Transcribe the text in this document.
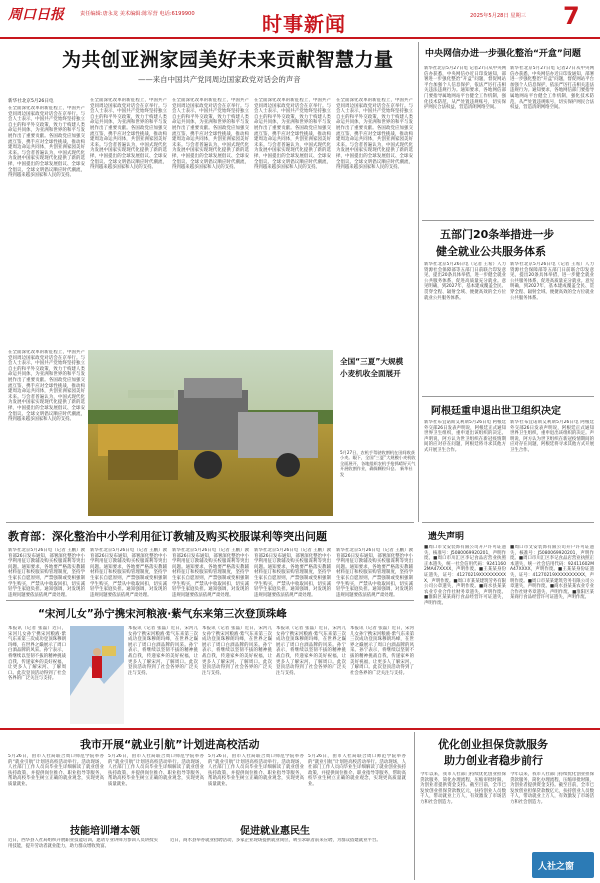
周口日报	责任编辑:唐永龙 美术编辑:陈军营 电话:6199900	时事新闻	2025年5月28日 星期三 7
为共创亚洲家园美好未来贡献智慧力量
——来自中国共产党同周边国家政党对话会的声音
新华社北京5月26日电
在全面深化改革的新征程上，中国共产党同周边国家政党对话会在京举行。与会人士表示，中国共产党始终坚持独立自主的和平外交政策，致力于构建人类命运共同体，为亚洲和世界的和平与发展作出了重要贡献。各国政党应加强交流互鉴，携手应对全球性挑战，推动构建周边命运共同体，共创亚洲家园美好未来。与会者普遍认为，中国式现代化为发展中国家实现现代化提供了新的选择，中国提出的全球发展倡议、全球安全倡议、全球文明倡议顺应时代潮流，得到越来越多国家和人民的支持。
在全面深化改革的新征程上，中国共产党同周边国家政党对话会在京举行。与会人士表示，中国共产党始终坚持独立自主的和平外交政策，致力于构建人类命运共同体，为亚洲和世界的和平与发展作出了重要贡献。各国政党应加强交流互鉴，携手应对全球性挑战，推动构建周边命运共同体，共创亚洲家园美好未来。与会者普遍认为，中国式现代化为发展中国家实现现代化提供了新的选择，中国提出的全球发展倡议、全球安全倡议、全球文明倡议顺应时代潮流，得到越来越多国家和人民的支持。
在全面深化改革的新征程上，中国共产党同周边国家政党对话会在京举行。与会人士表示，中国共产党始终坚持独立自主的和平外交政策，致力于构建人类命运共同体，为亚洲和世界的和平与发展作出了重要贡献。各国政党应加强交流互鉴，携手应对全球性挑战，推动构建周边命运共同体，共创亚洲家园美好未来。与会者普遍认为，中国式现代化为发展中国家实现现代化提供了新的选择，中国提出的全球发展倡议、全球安全倡议、全球文明倡议顺应时代潮流，得到越来越多国家和人民的支持。
在全面深化改革的新征程上，中国共产党同周边国家政党对话会在京举行。与会人士表示，中国共产党始终坚持独立自主的和平外交政策，致力于构建人类命运共同体，为亚洲和世界的和平与发展作出了重要贡献。各国政党应加强交流互鉴，携手应对全球性挑战，推动构建周边命运共同体，共创亚洲家园美好未来。与会者普遍认为，中国式现代化为发展中国家实现现代化提供了新的选择，中国提出的全球发展倡议、全球安全倡议、全球文明倡议顺应时代潮流，得到越来越多国家和人民的支持。
在全面深化改革的新征程上，中国共产党同周边国家政党对话会在京举行。与会人士表示，中国共产党始终坚持独立自主的和平外交政策，致力于构建人类命运共同体，为亚洲和世界的和平与发展作出了重要贡献。各国政党应加强交流互鉴，携手应对全球性挑战，推动构建周边命运共同体，共创亚洲家园美好未来。与会者普遍认为，中国式现代化为发展中国家实现现代化提供了新的选择，中国提出的全球发展倡议、全球安全倡议、全球文明倡议顺应时代潮流，得到越来越多国家和人民的支持。
中央网信办进一步强化整治“开盒”问题
新华社北京5月27日电 记者27日从中央网信办获悉，中央网信办近日印发通知，部署进一步强化整治“开盒”问题，督促网站平台加强个人信息保护，依法严厉打击相关违法违规行为。通知要求，各地网信部门要指导属地网站平台健全工作机制，强化技术防范，从严处置违规账号，切实保护网民合法权益，营造清朗网络空间。
新华社北京5月27日电 记者27日从中央网信办获悉，中央网信办近日印发通知，部署进一步强化整治“开盒”问题，督促网站平台加强个人信息保护，依法严厉打击相关违法违规行为。通知要求，各地网信部门要指导属地网站平台健全工作机制，强化技术防范，从严处置违规账号，切实保护网民合法权益，营造清朗网络空间。
全国“三夏”大规模
小麦机收全面展开
5月27日，农机手驾驶收割机在田间收获小麦。眼下，全国“三夏”大规模小麦机收全面展开，各地组织农机手抢抓晴好天气开展收割作业，确保颗粒归仓。 新华社发
在全面深化改革的新征程上，中国共产党同周边国家政党对话会在京举行。与会人士表示，中国共产党始终坚持独立自主的和平外交政策，致力于构建人类命运共同体，为亚洲和世界的和平与发展作出了重要贡献。各国政党应加强交流互鉴，携手应对全球性挑战，推动构建周边命运共同体，共创亚洲家园美好未来。与会者普遍认为，中国式现代化为发展中国家实现现代化提供了新的选择，中国提出的全球发展倡议、全球安全倡议、全球文明倡议顺应时代潮流，得到越来越多国家和人民的支持。
五部门20条举措进一步
健全就业公共服务体系
新华社北京5月26日电（记者 王希）人力资源社会保障部等五部门日前联合印发意见，提出20条具体举措，进一步健全就业公共服务体系，促进高质量充分就业。意见明确，到2027年，基本建成覆盖全民、贯穿全程、辐射全域、便捷高效的全方位就业公共服务体系。
新华社北京5月26日电（记者 王希）人力资源社会保障部等五部门日前联合印发意见，提出20条具体举措，进一步健全就业公共服务体系，促进高质量充分就业。意见明确，到2027年，基本建成覆盖全民、贯穿全程、辐射全域、便捷高效的全方位就业公共服务体系。
阿根廷重申退出世卫组织决定
新华社布宜诺斯艾利斯5月26日电 阿根廷外交部26日发表声明说，阿根廷正式通知世界卫生组织，重申退出该组织的决定。声明说，阿方认为世卫组织在新冠疫情期间的应对存在问题，阿根廷将寻求其他方式开展卫生合作。
新华社布宜诺斯艾利斯5月26日电 阿根廷外交部26日发表声明说，阿根廷正式通知世界卫生组织，重申退出该组织的决定。声明说，阿方认为世卫组织在新冠疫情期间的应对存在问题，阿根廷将寻求其他方式开展卫生合作。
教育部：深化整治中小学利用征订教辅及购买校服谋利等突出问题
新华社北京5月26日电（记者 王鹏）教育部26日发布通知，部署深化整治中小学利用征订教辅及购买校服谋利等突出问题。通知要求，各地要严格落实教辅材料征订和校服采购管理制度，坚持学生家长自愿原则，严禁强制或变相强制学生购买，严禁从中收取回扣，切实减轻学生家庭负担。通知强调，对发现的违规问题要依法依规严肃处理。
新华社北京5月26日电（记者 王鹏）教育部26日发布通知，部署深化整治中小学利用征订教辅及购买校服谋利等突出问题。通知要求，各地要严格落实教辅材料征订和校服采购管理制度，坚持学生家长自愿原则，严禁强制或变相强制学生购买，严禁从中收取回扣，切实减轻学生家庭负担。通知强调，对发现的违规问题要依法依规严肃处理。
新华社北京5月26日电（记者 王鹏）教育部26日发布通知，部署深化整治中小学利用征订教辅及购买校服谋利等突出问题。通知要求，各地要严格落实教辅材料征订和校服采购管理制度，坚持学生家长自愿原则，严禁强制或变相强制学生购买，严禁从中收取回扣，切实减轻学生家庭负担。通知强调，对发现的违规问题要依法依规严肃处理。
新华社北京5月26日电（记者 王鹏）教育部26日发布通知，部署深化整治中小学利用征订教辅及购买校服谋利等突出问题。通知要求，各地要严格落实教辅材料征订和校服采购管理制度，坚持学生家长自愿原则，严禁强制或变相强制学生购买，严禁从中收取回扣，切实减轻学生家庭负担。通知强调，对发现的违规问题要依法依规严肃处理。
新华社北京5月26日电（记者 王鹏）教育部26日发布通知，部署深化整治中小学利用征订教辅及购买校服谋利等突出问题。通知要求，各地要严格落实教辅材料征订和校服采购管理制度，坚持学生家长自愿原则，严禁强制或变相强制学生购买，严禁从中收取回扣，切实减轻学生家庭负担。通知强调，对发现的违规问题要依法依规严肃处理。
遗失声明
■周口市文安装饰有限公司开户许可证遗失，核准号：J5080069920201，声明作废。■周口市川汇区李记食品店营业执照正本遗失，统一社会信用代码：92411602MA47XXXX，声明作废。■王某某身份证遗失，证号：41270219XXXXXXXXXX，声明作废。■周口市某某建筑劳务有限公司公章遗失，声明作废。■商水县某某农业专业合作社财务章遗失，声明作废。■淮阳区某某商行食品经营许可证遗失，声明作废。
■周口市文安装饰有限公司开户许可证遗失，核准号：J5080069920201，声明作废。■周口市川汇区李记食品店营业执照正本遗失，统一社会信用代码：92411602MA47XXXX，声明作废。■王某某身份证遗失，证号：41270219XXXXXXXXXX，声明作废。■周口市某某建筑劳务有限公司公章遗失，声明作废。■商水县某某农业专业合作社财务章遗失，声明作废。■淮阳区某某商行食品经营许可证遗失，声明作废。
“宋河儿女”孙宁携宋河粮液·紫气东来第三次登顶珠峰
本报讯（记者 张磊）近日，宋河儿女孙宁携宋河粮液·紫气东来第三次成功登顶珠穆朗玛峰，在世界之巅展示了周口白酒品牌的风采。孙宁表示，将继续以坚韧不拔的精神挑战自我，传递家乡的美好祝福，让更多人了解宋河、了解周口。此次登顶活动得到了社会各界的广泛关注与支持。
本报讯（记者 张磊）近日，宋河儿女孙宁携宋河粮液·紫气东来第三次成功登顶珠穆朗玛峰，在世界之巅展示了周口白酒品牌的风采。孙宁表示，将继续以坚韧不拔的精神挑战自我，传递家乡的美好祝福，让更多人了解宋河、了解周口。此次登顶活动得到了社会各界的广泛关注与支持。
本报讯（记者 张磊）近日，宋河儿女孙宁携宋河粮液·紫气东来第三次成功登顶珠穆朗玛峰，在世界之巅展示了周口白酒品牌的风采。孙宁表示，将继续以坚韧不拔的精神挑战自我，传递家乡的美好祝福，让更多人了解宋河、了解周口。此次登顶活动得到了社会各界的广泛关注与支持。
本报讯（记者 张磊）近日，宋河儿女孙宁携宋河粮液·紫气东来第三次成功登顶珠穆朗玛峰，在世界之巅展示了周口白酒品牌的风采。孙宁表示，将继续以坚韧不拔的精神挑战自我，传递家乡的美好祝福，让更多人了解宋河、了解周口。此次登顶活动得到了社会各界的广泛关注与支持。
本报讯（记者 张磊）近日，宋河儿女孙宁携宋河粮液·紫气东来第三次成功登顶珠穆朗玛峰，在世界之巅展示了周口白酒品牌的风采。孙宁表示，将继续以坚韧不拔的精神挑战自我，传递家乡的美好祝福，让更多人了解宋河、了解周口。此次登顶活动得到了社会各界的广泛关注与支持。
我市开展“就业引航”计划进高校活动
5月26日，由市人社局联合周口师范学院举办的“就业引航”计划进高校活动举行。活动现场，人社部门工作人员向毕业生详细解读了就业创业扶持政策，并提供岗位推介、职业指导等服务，帮助高校毕业生树立正确的就业观念，实现更高质量就业。
5月26日，由市人社局联合周口师范学院举办的“就业引航”计划进高校活动举行。活动现场，人社部门工作人员向毕业生详细解读了就业创业扶持政策，并提供岗位推介、职业指导等服务，帮助高校毕业生树立正确的就业观念，实现更高质量就业。
5月26日，由市人社局联合周口师范学院举办的“就业引航”计划进高校活动举行。活动现场，人社部门工作人员向毕业生详细解读了就业创业扶持政策，并提供岗位推介、职业指导等服务，帮助高校毕业生树立正确的就业观念，实现更高质量就业。
5月26日，由市人社局联合周口师范学院举办的“就业引航”计划进高校活动举行。活动现场，人社部门工作人员向毕业生详细解读了就业创业扶持政策，并提供岗位推介、职业指导等服务，帮助高校毕业生树立正确的就业观念，实现更高质量就业。
技能培训增本领
近日，西华县人社局组织开展职业技能培训，邀请专业讲师为参训人员讲授实用技能，提升劳动者就业能力，助力群众增收致富。
促进就业惠民生
近日，商水县举办就业招聘活动，多家企业现场提供就业岗位，吸引求职者前来应聘，为群众搭建就业平台。
优化创业担保贷款服务
助力创业者稳步前行
今年以来，我市人社部门持续优化创业担保贷款服务，简化办理流程，压缩审批时限，为创业者提供资金支持。截至目前，全市已发放创业担保贷款数亿元，扶持创业人员数千人，带动就业上万人，有效激发了市场活力和社会创造力。
今年以来，我市人社部门持续优化创业担保贷款服务，简化办理流程，压缩审批时限，为创业者提供资金支持。截至目前，全市已发放创业担保贷款数亿元，扶持创业人员数千人，带动就业上万人，有效激发了市场活力和社会创造力。
人社之窗
